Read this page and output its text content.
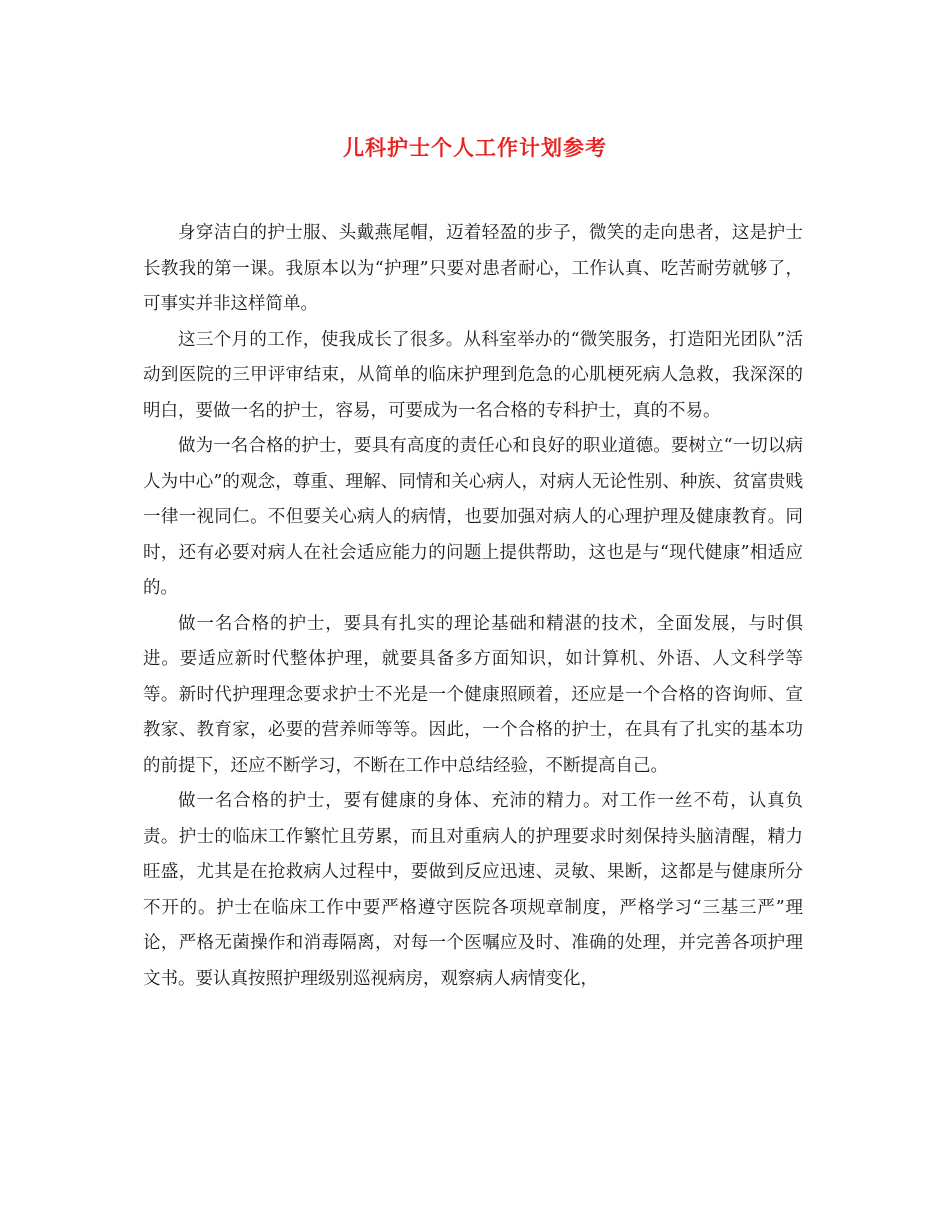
儿科护士个人工作计划参考

身穿洁白的护士服、头戴燕尾帽，迈着轻盈的步子，微笑的走向患者，这是护士长教我的第一课。我原本以为“护理”只要对患者耐心，工作认真、吃苦耐劳就够了，可事实并非这样简单。

这三个月的工作，使我成长了很多。从科室举办的“微笑服务，打造阳光团队”活动到医院的三甲评审结束，从简单的临床护理到危急的心肌梗死病人急救，我深深的明白，要做一名的护士，容易，可要成为一名合格的专科护士，真的不易。

做为一名合格的护士，要具有高度的责任心和良好的职业道德。要树立“一切以病人为中心”的观念，尊重、理解、同情和关心病人，对病人无论性别、种族、贫富贵贱一律一视同仁。不但要关心病人的病情，也要加强对病人的心理护理及健康教育。同时，还有必要对病人在社会适应能力的问题上提供帮助，这也是与“现代健康”相适应的。

做一名合格的护士，要具有扎实的理论基础和精湛的技术，全面发展，与时俱进。要适应新时代整体护理，就要具备多方面知识，如计算机、外语、人文科学等等。新时代护理理念要求护士不光是一个健康照顾着，还应是一个合格的咨询师、宣教家、教育家，必要的营养师等等。因此，一个合格的护士，在具有了扎实的基本功的前提下，还应不断学习，不断在工作中总结经验，不断提高自己。

做一名合格的护士，要有健康的身体、充沛的精力。对工作一丝不苟，认真负责。护士的临床工作繁忙且劳累，而且对重病人的护理要求时刻保持头脑清醒，精力旺盛，尤其是在抢救病人过程中，要做到反应迅速、灵敏、果断，这都是与健康所分不开的。护士在临床工作中要严格遵守医院各项规章制度，严格学习“三基三严”理论，严格无菌操作和消毒隔离，对每一个医嘱应及时、准确的处理，并完善各项护理文书。要认真按照护理级别巡视病房，观察病人病情变化，
